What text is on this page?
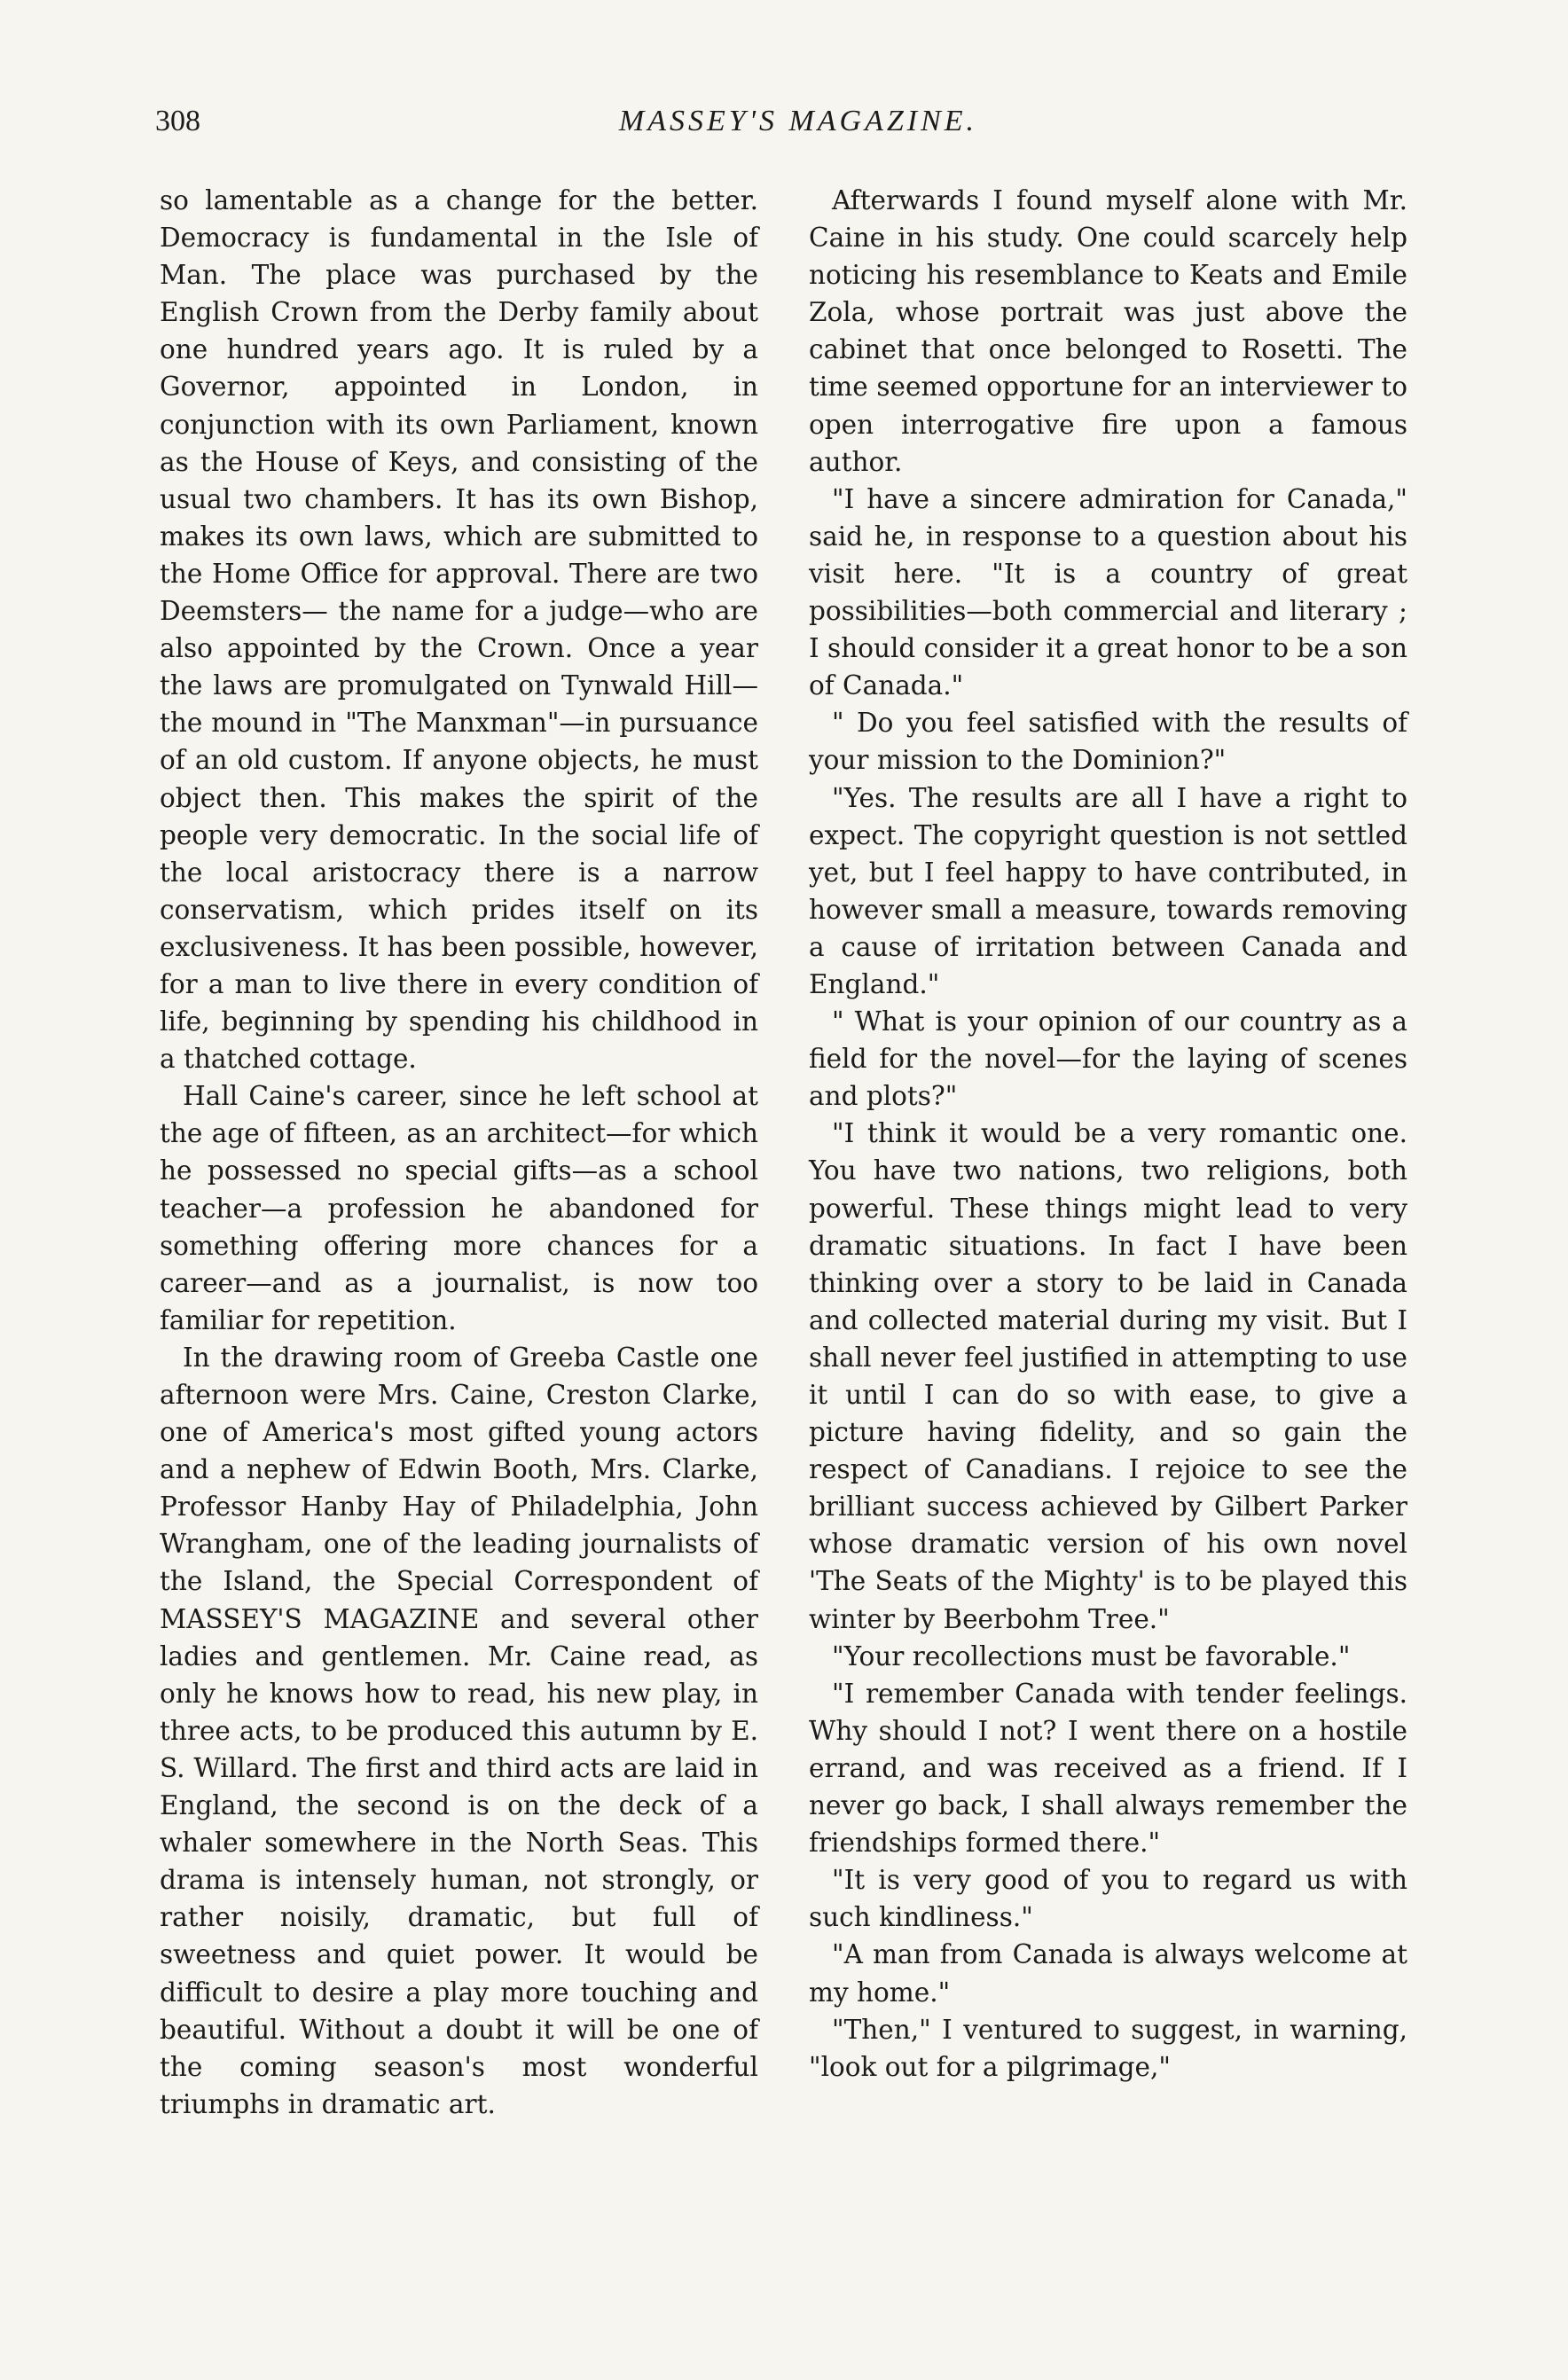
308	MASSEY'S MAGAZINE.

so lamentable as a change for the better. Democracy is fundamental in the Isle of Man. The place was purchased by the English Crown from the Derby family about one hundred years ago. It is ruled by a Governor, appointed in London, in conjunction with its own Parliament, known as the House of Keys, and consisting of the usual two chambers. It has its own Bishop, makes its own laws, which are submitted to the Home Office for approval. There are two Deemsters— the name for a judge—who are also appointed by the Crown. Once a year the laws are promulgated on Tynwald Hill—the mound in "The Manxman"—in pursuance of an old custom. If anyone objects, he must object then. This makes the spirit of the people very democratic. In the social life of the local aristocracy there is a narrow conservatism, which prides itself on its exclusiveness. It has been possible, however, for a man to live there in every condition of life, beginning by spending his childhood in a thatched cottage.

Hall Caine's career, since he left school at the age of fifteen, as an architect—for which he possessed no special gifts—as a school teacher—a profession he abandoned for something offering more chances for a career—and as a journalist, is now too familiar for repetition.

In the drawing room of Greeba Castle one afternoon were Mrs. Caine, Creston Clarke, one of America's most gifted young actors and a nephew of Edwin Booth, Mrs. Clarke, Professor Hanby Hay of Philadelphia, John Wrangham, one of the leading journalists of the Island, the Special Correspondent of MASSEY'S MAGAZINE and several other ladies and gentlemen. Mr. Caine read, as only he knows how to read, his new play, in three acts, to be produced this autumn by E. S. Willard. The first and third acts are laid in England, the second is on the deck of a whaler somewhere in the North Seas. This drama is intensely human, not strongly, or rather noisily, dramatic, but full of sweetness and quiet power. It would be difficult to desire a play more touching and beautiful. Without a doubt it will be one of the coming season's most wonderful triumphs in dramatic art.

Afterwards I found myself alone with Mr. Caine in his study. One could scarcely help noticing his resemblance to Keats and Emile Zola, whose portrait was just above the cabinet that once belonged to Rosetti. The time seemed opportune for an interviewer to open interrogative fire upon a famous author.

"I have a sincere admiration for Canada," said he, in response to a question about his visit here. "It is a country of great possibilities—both commercial and literary ; I should consider it a great honor to be a son of Canada."

" Do you feel satisfied with the results of your mission to the Dominion?"

"Yes. The results are all I have a right to expect. The copyright question is not settled yet, but I feel happy to have contributed, in however small a measure, towards removing a cause of irritation between Canada and England."

" What is your opinion of our country as a field for the novel—for the laying of scenes and plots?"

"I think it would be a very romantic one. You have two nations, two religions, both powerful. These things might lead to very dramatic situations. In fact I have been thinking over a story to be laid in Canada and collected material during my visit. But I shall never feel justified in attempting to use it until I can do so with ease, to give a picture having fidelity, and so gain the respect of Canadians. I rejoice to see the brilliant success achieved by Gilbert Parker whose dramatic version of his own novel 'The Seats of the Mighty' is to be played this winter by Beerbohm Tree."

"Your recollections must be favorable."

"I remember Canada with tender feelings. Why should I not? I went there on a hostile errand, and was received as a friend. If I never go back, I shall always remember the friendships formed there."

"It is very good of you to regard us with such kindliness."

"A man from Canada is always welcome at my home."

"Then," I ventured to suggest, in warning, "look out for a pilgrimage,"
